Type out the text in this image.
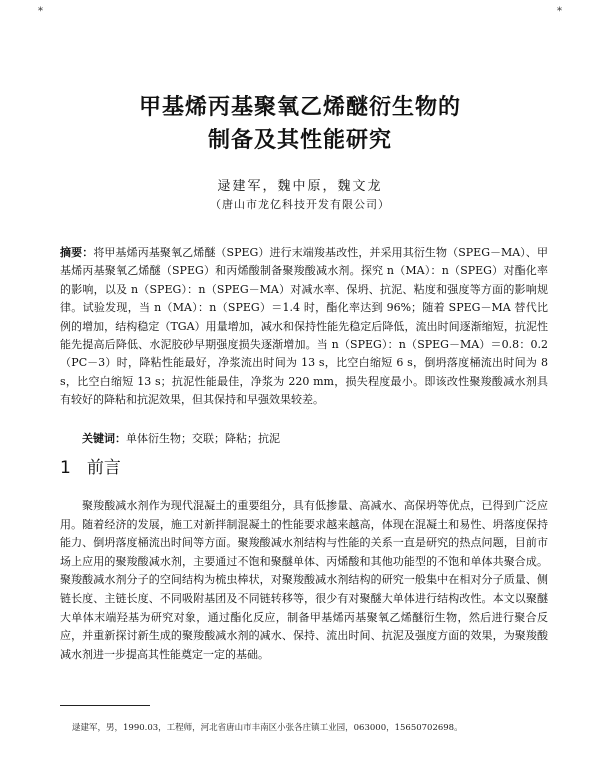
*	*
甲基烯丙基聚氧乙烯醚衍生物的
制备及其性能研究
逯建军，魏中原，魏文龙
（唐山市龙亿科技开发有限公司）
摘要：将甲基烯丙基聚氧乙烯醚（SPEG）进行末端羧基改性，并采用其衍生物（SPEG－MA）、甲基烯丙基聚氧乙烯醚（SPEG）和丙烯酸制备聚羧酸减水剂。探究 n（MA）：n（SPEG）对酯化率的影响，以及 n（SPEG）：n（SPEG－MA）对减水率、保坍、抗泥、粘度和强度等方面的影响规律。试验发现，当 n（MA）：n（SPEG）＝1.4 时，酯化率达到 96%；随着 SPEG－MA 替代比例的增加，结构稳定（TGA）用量增加，减水和保持性能先稳定后降低，流出时间逐渐缩短，抗泥性能先提高后降低、水泥胶砂早期强度损失逐渐增加。当 n（SPEG）：n（SPEG－MA）＝0.8：0.2（PC－3）时，降粘性能最好，净浆流出时间为 13 s，比空白缩短 6 s，倒坍落度桶流出时间为 8 s，比空白缩短 13 s；抗泥性能最佳，净浆为 220 mm，损失程度最小。即该改性聚羧酸减水剂具有较好的降粘和抗泥效果，但其保持和早强效果较差。
关键词：单体衍生物；交联；降粘；抗泥
1 前言
聚羧酸减水剂作为现代混凝土的重要组分，具有低掺量、高减水、高保坍等优点，已得到广泛应用。随着经济的发展，施工对新拌制混凝土的性能要求越来越高，体现在混凝土和易性、坍落度保持能力、倒坍落度桶流出时间等方面。聚羧酸减水剂结构与性能的关系一直是研究的热点问题，目前市场上应用的聚羧酸减水剂，主要通过不饱和聚醚单体、丙烯酸和其他功能型的不饱和单体共聚合成。聚羧酸减水剂分子的空间结构为梳虫棒状，对聚羧酸减水剂结构的研究一般集中在相对分子质量、侧链长度、主链长度、不同吸附基团及不同链转移等，很少有对聚醚大单体进行结构改性。本文以聚醚大单体末端羟基为研究对象，通过酯化反应，制备甲基烯丙基聚氧乙烯醚衍生物，然后进行聚合反应，并重新探讨新生成的聚羧酸减水剂的减水、保持、流出时间、抗泥及强度方面的效果，为聚羧酸减水剂进一步提高其性能奠定一定的基础。
逯建军，男，1990.03，工程师，河北省唐山市丰南区小张各庄镇工业园，063000，15650702698。
